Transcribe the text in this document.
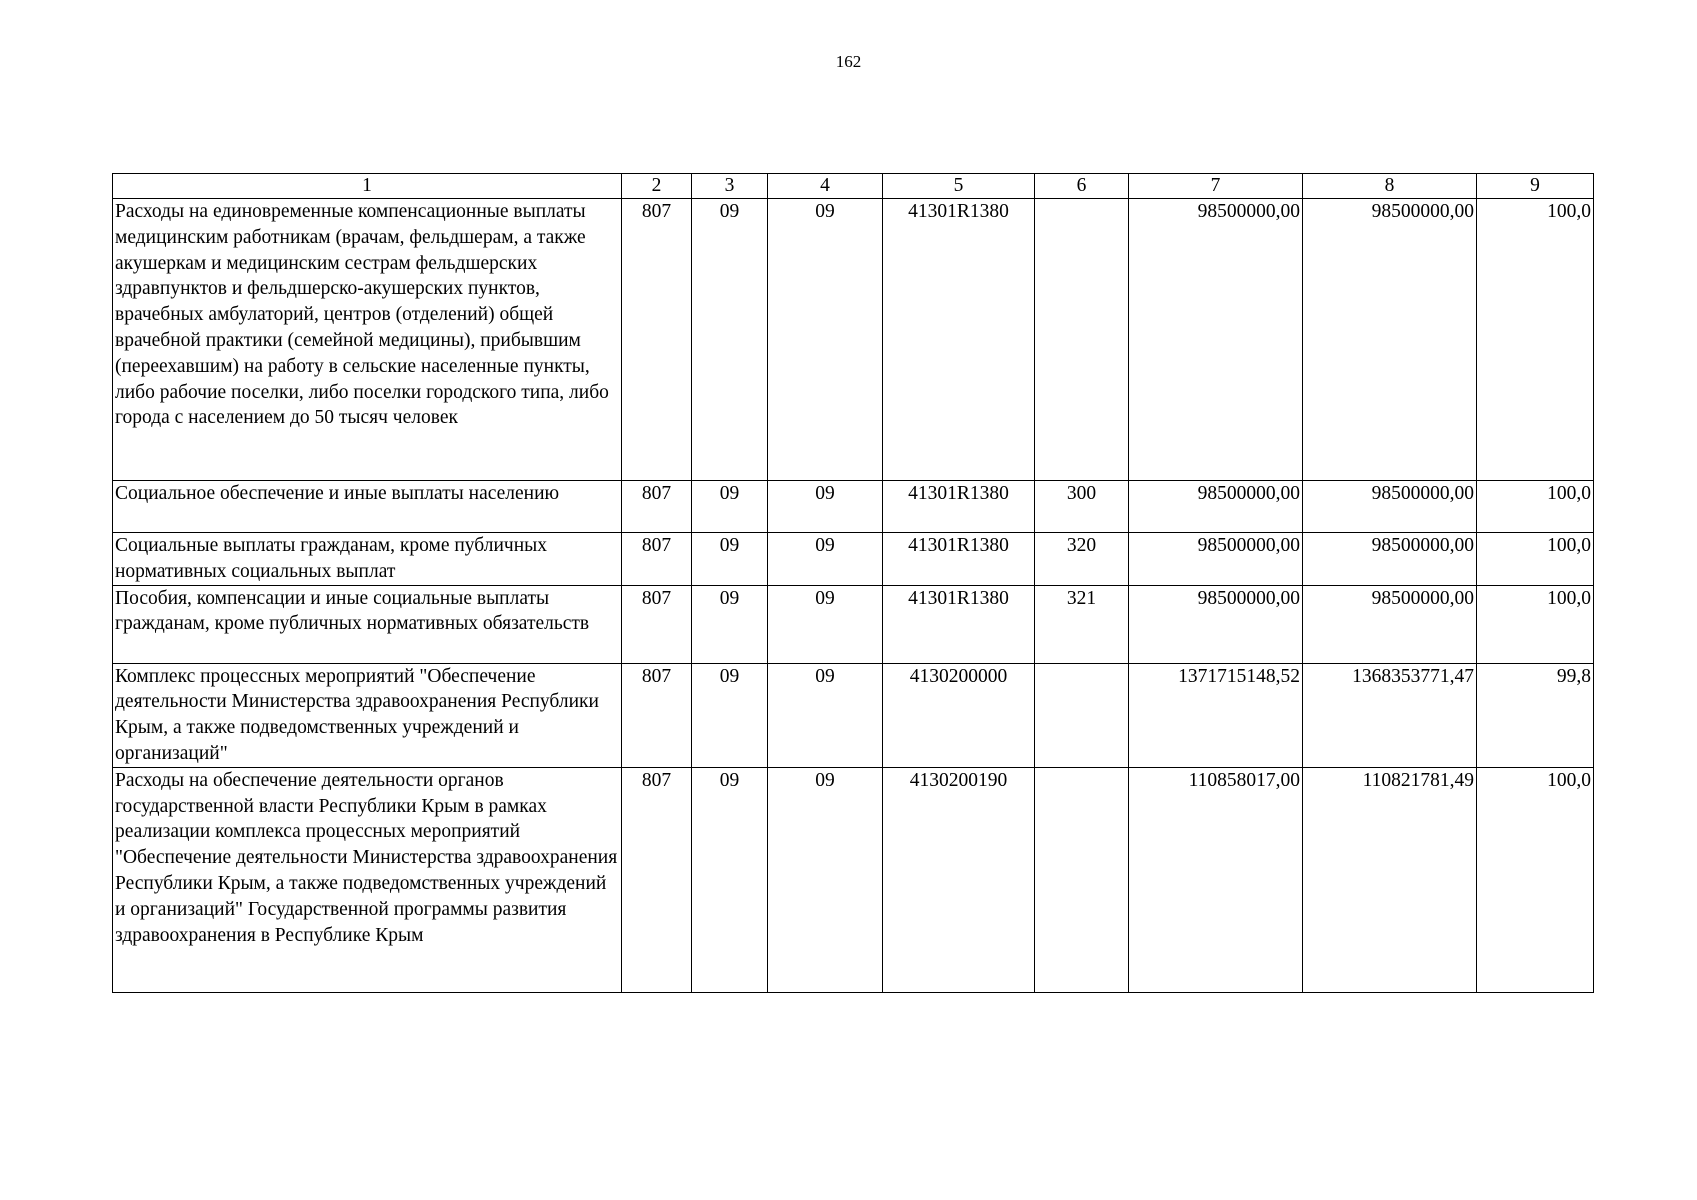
162
1	2	3	4	5	6	7	8	9
Расходы на единовременные компенсационные выплаты медицинским работникам (врачам, фельдшерам, а также акушеркам и медицинским сестрам фельдшерских здравпунктов и фельдшерско-акушерских пунктов, врачебных амбулаторий, центров (отделений) общей врачебной практики (семейной медицины), прибывшим (переехавшим) на работу в сельские населенные пункты, либо рабочие поселки, либо поселки городского типа, либо города с населением до 50 тысяч человек	807	09	09	41301R1380		98500000,00	98500000,00	100,0
Социальное обеспечение и иные выплаты населению	807	09	09	41301R1380	300	98500000,00	98500000,00	100,0
Социальные выплаты гражданам, кроме публичных нормативных социальных выплат	807	09	09	41301R1380	320	98500000,00	98500000,00	100,0
Пособия, компенсации и иные социальные выплаты гражданам, кроме публичных нормативных обязательств	807	09	09	41301R1380	321	98500000,00	98500000,00	100,0
Комплекс процессных мероприятий "Обеспечение деятельности Министерства здравоохранения Республики Крым, а также подведомственных учреждений и организаций"	807	09	09	4130200000		1371715148,52	1368353771,47	99,8
Расходы на обеспечение деятельности органов государственной власти Республики Крым в рамках реализации комплекса процессных мероприятий "Обеспечение деятельности Министерства здравоохранения Республики Крым, а также подведомственных учреждений и организаций" Государственной программы развития здравоохранения в Республике Крым	807	09	09	4130200190		110858017,00	110821781,49	100,0
